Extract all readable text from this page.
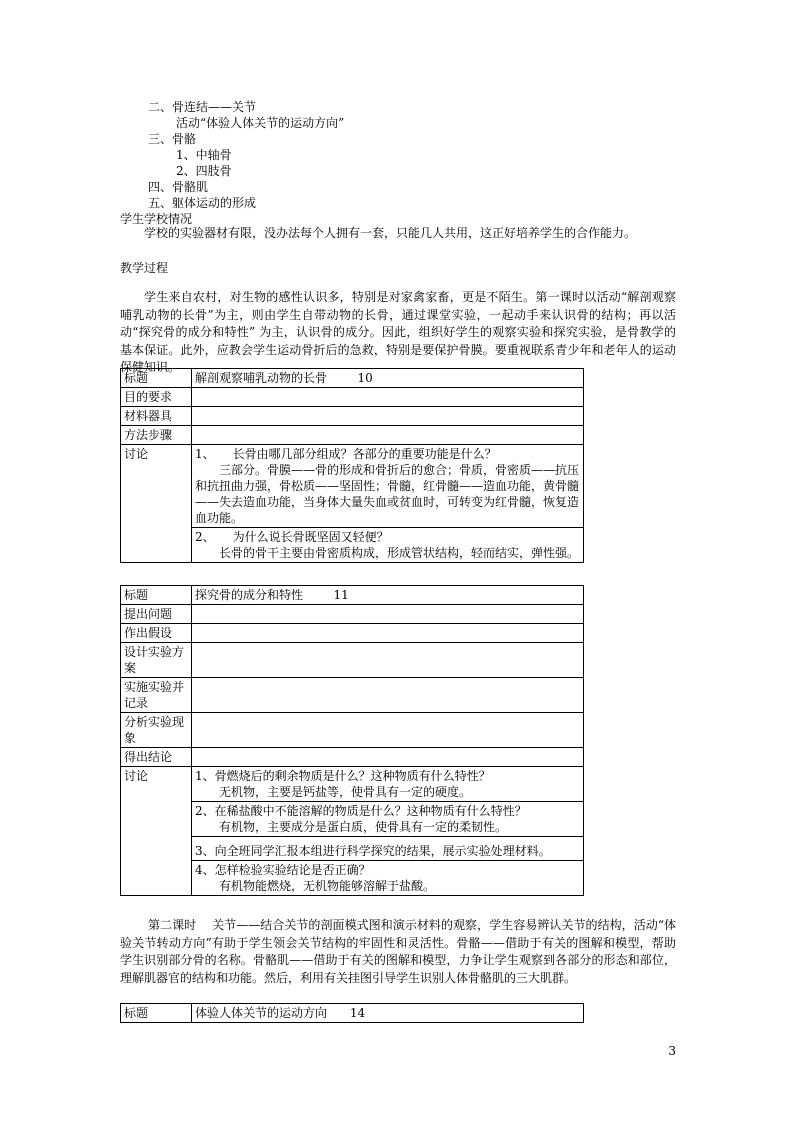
二、骨连结——关节
活动“体验人体关节的运动方向”
三、骨骼
1、中轴骨
2、四肢骨
四、骨骼肌
五、躯体运动的形成
学生学校情况
学校的实验器材有限，没办法每个人拥有一套，只能几人共用，这正好培养学生的合作能力。
教学过程
学生来自农村，对生物的感性认识多，特别是对家禽家畜，更是不陌生。第一课时以活动“解剖观察哺乳动物的长骨”为主，则由学生自带动物的长骨，通过课堂实验，一起动手来认识骨的结构；再以活动“探究骨的成分和特性” 为主，认识骨的成分。因此，组织好学生的观察实验和探究实验，是骨教学的基本保证。此外，应教会学生运动骨折后的急救，特别是要保护骨膜。要重视联系青少年和老年人的运动保健知识。
标题	解剖观察哺乳动物的长骨 10
目的要求	
材料器具	
方法步骤	
讨论	1、　　长骨由哪几部分组成？各部分的重要功能是什么？

三部分。骨膜——骨的形成和骨折后的愈合；骨质，骨密质——抗压和抗扭曲力强，骨松质——坚固性；骨髓，红骨髓——造血功能，黄骨髓——失去造血功能，当身体大量失血或贫血时，可转变为红骨髓，恢复造血功能。

	2、　　为什么说长骨既坚固又轻便？

长骨的骨干主要由骨密质构成，形成管状结构，轻而结实，弹性强。

标题	探究骨的成分和特性 11
提出问题	
作出假设	
设计实验方案	
实施实验并记录	
分析实验现象	
得出结论	
讨论	1、骨燃烧后的剩余物质是什么？这种物质有什么特性？

无机物，主要是钙盐等，使骨具有一定的硬度。

	2、在稀盐酸中不能溶解的物质是什么？这种物质有什么特性？

有机物，主要成分是蛋白质，使骨具有一定的柔韧性。

	3、向全班同学汇报本组进行科学探究的结果，展示实验处理材料。

	4、怎样检验实验结论是否正确？

有机物能燃烧，无机物能够溶解于盐酸。

第二课时　 关节——结合关节的剖面模式图和演示材料的观察，学生容易辨认关节的结构，活动“体验关节转动方向”有助于学生领会关节结构的牢固性和灵活性。骨骼——借助于有关的图解和模型，帮助学生识别部分骨的名称。骨骼肌——借助于有关的图解和模型，力争让学生观察到各部分的形态和部位，理解肌器官的结构和功能。然后，利用有关挂图引导学生识别人体骨骼肌的三大肌群。
标题	体验人体关节的运动方向 14
3
